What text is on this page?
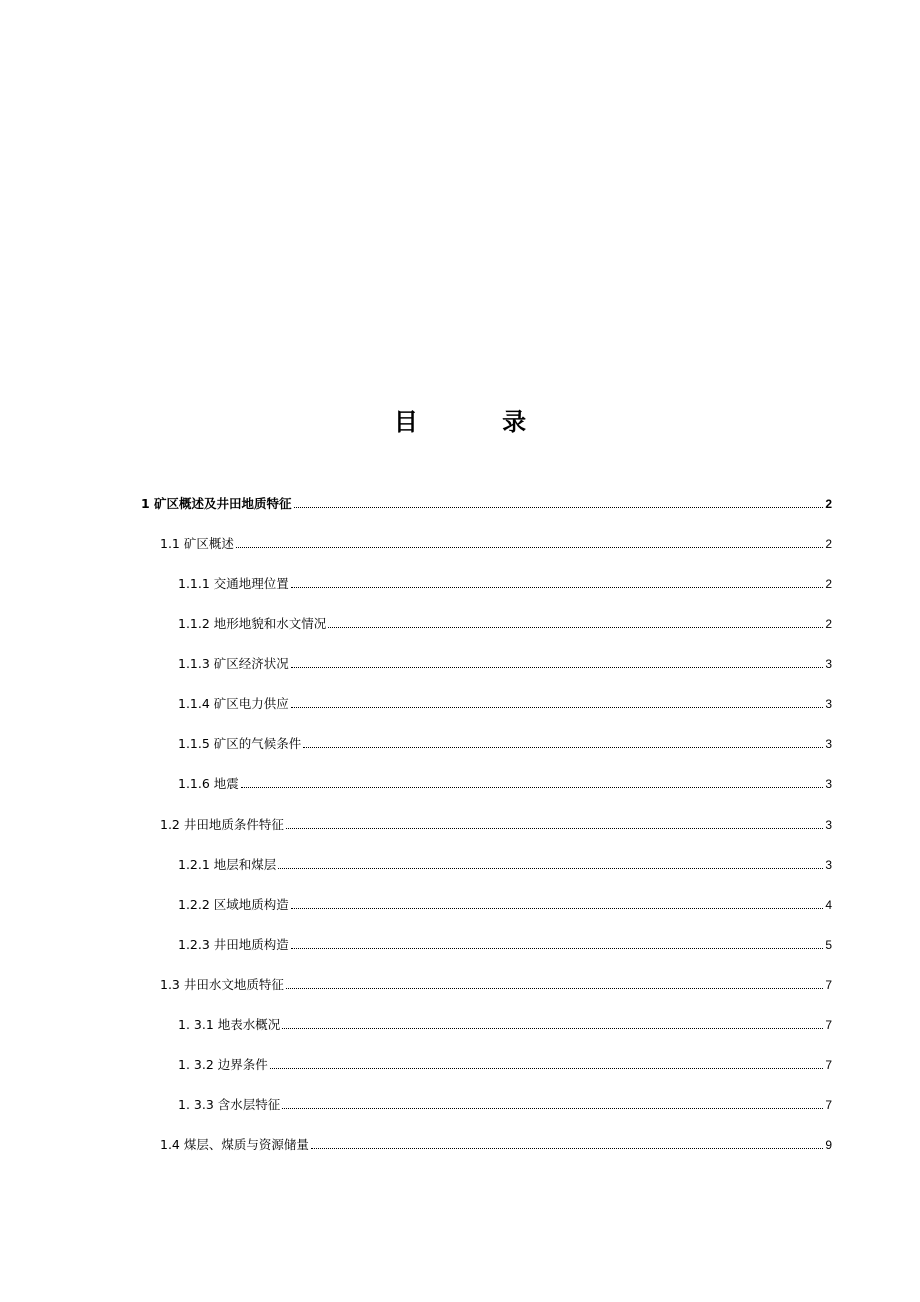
目 录
1 矿区概述及井田地质特征	2
1.1 矿区概述	2
1.1.1 交通地理位置	2
1.1.2 地形地貌和水文情况	2
1.1.3 矿区经济状况	3
1.1.4 矿区电力供应	3
1.1.5 矿区的气候条件	3
1.1.6 地震	3
1.2 井田地质条件特征	3
1.2.1 地层和煤层	3
1.2.2 区域地质构造	4
1.2.3 井田地质构造	5
1.3 井田水文地质特征	7
1. 3.1 地表水概况	7
1. 3.2 边界条件	7
1. 3.3 含水层特征	7
1.4 煤层、煤质与资源储量	9
